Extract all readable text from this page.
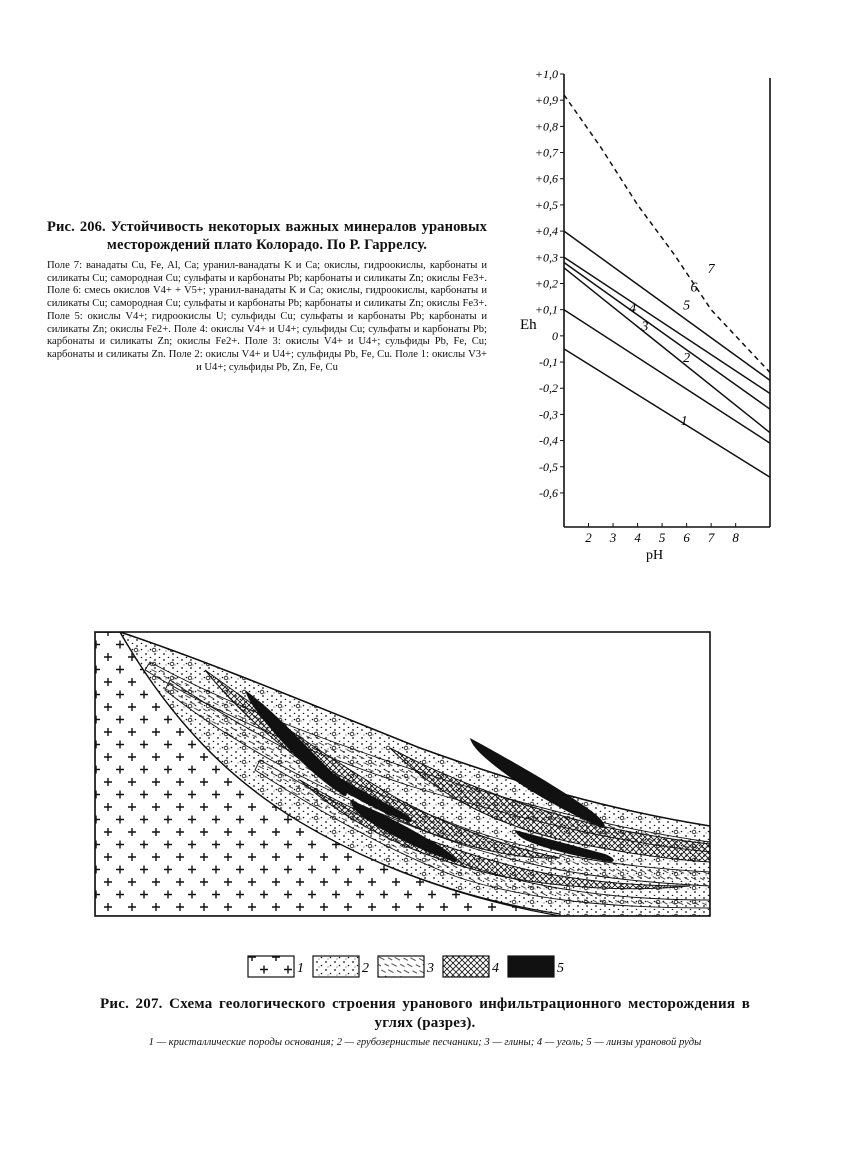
Рис. 206. Устойчивость некоторых важных минералов урановых месторождений плато Колорадо. По Р. Гаррелсу.
Поле 7: ванадаты Cu, Fe, Al, Ca; уранил-ванадаты K и Ca; окислы, гидроокислы, карбонаты и силикаты Cu; самородная Cu; сульфаты и карбонаты Pb; карбонаты и силикаты Zn; окислы Fe3+. Поле 6: смесь окислов V4+ + V5+; уранил-ванадаты K и Ca; окислы, гидроокислы, карбонаты и силикаты Cu; самородная Cu; сульфаты и карбонаты Pb; карбонаты и силикаты Zn; окислы Fe3+. Поле 5: окислы V4+; гидроокислы U; сульфиды Cu; сульфаты и карбонаты Pb; карбонаты и силикаты Zn; окислы Fe2+. Поле 4: окислы V4+ и U4+; сульфиды Cu; сульфаты и карбонаты Pb; карбонаты и силикаты Zn; окислы Fe2+. Поле 3: окислы V4+ и U4+; сульфиды Pb, Fe, Cu; карбонаты и силикаты Zn. Поле 2: окислы V4+ и U4+; сульфиды Pb, Fe, Cu. Поле 1: окислы V3+ и U4+; сульфиды Pb, Zn, Fe, Cu
+1,0
+0,9
+0,8
+0,7
+0,6
+0,5
+0,4
+0,3
+0,2
+0,1
0
-0,1
-0,2
-0,3
-0,4
-0,5
-0,6
2 3 4 5 6 7 8
7
6
5
4
3
2
1
Eh
pH
1	2	3	4	5
Рис. 207. Схема геологического строения уранового инфильтрационного месторождения в углях (разрез).
1 — кристаллические породы основания; 2 — грубозернистые песчаники; 3 — глины; 4 — уголь; 5 — линзы урановой руды
